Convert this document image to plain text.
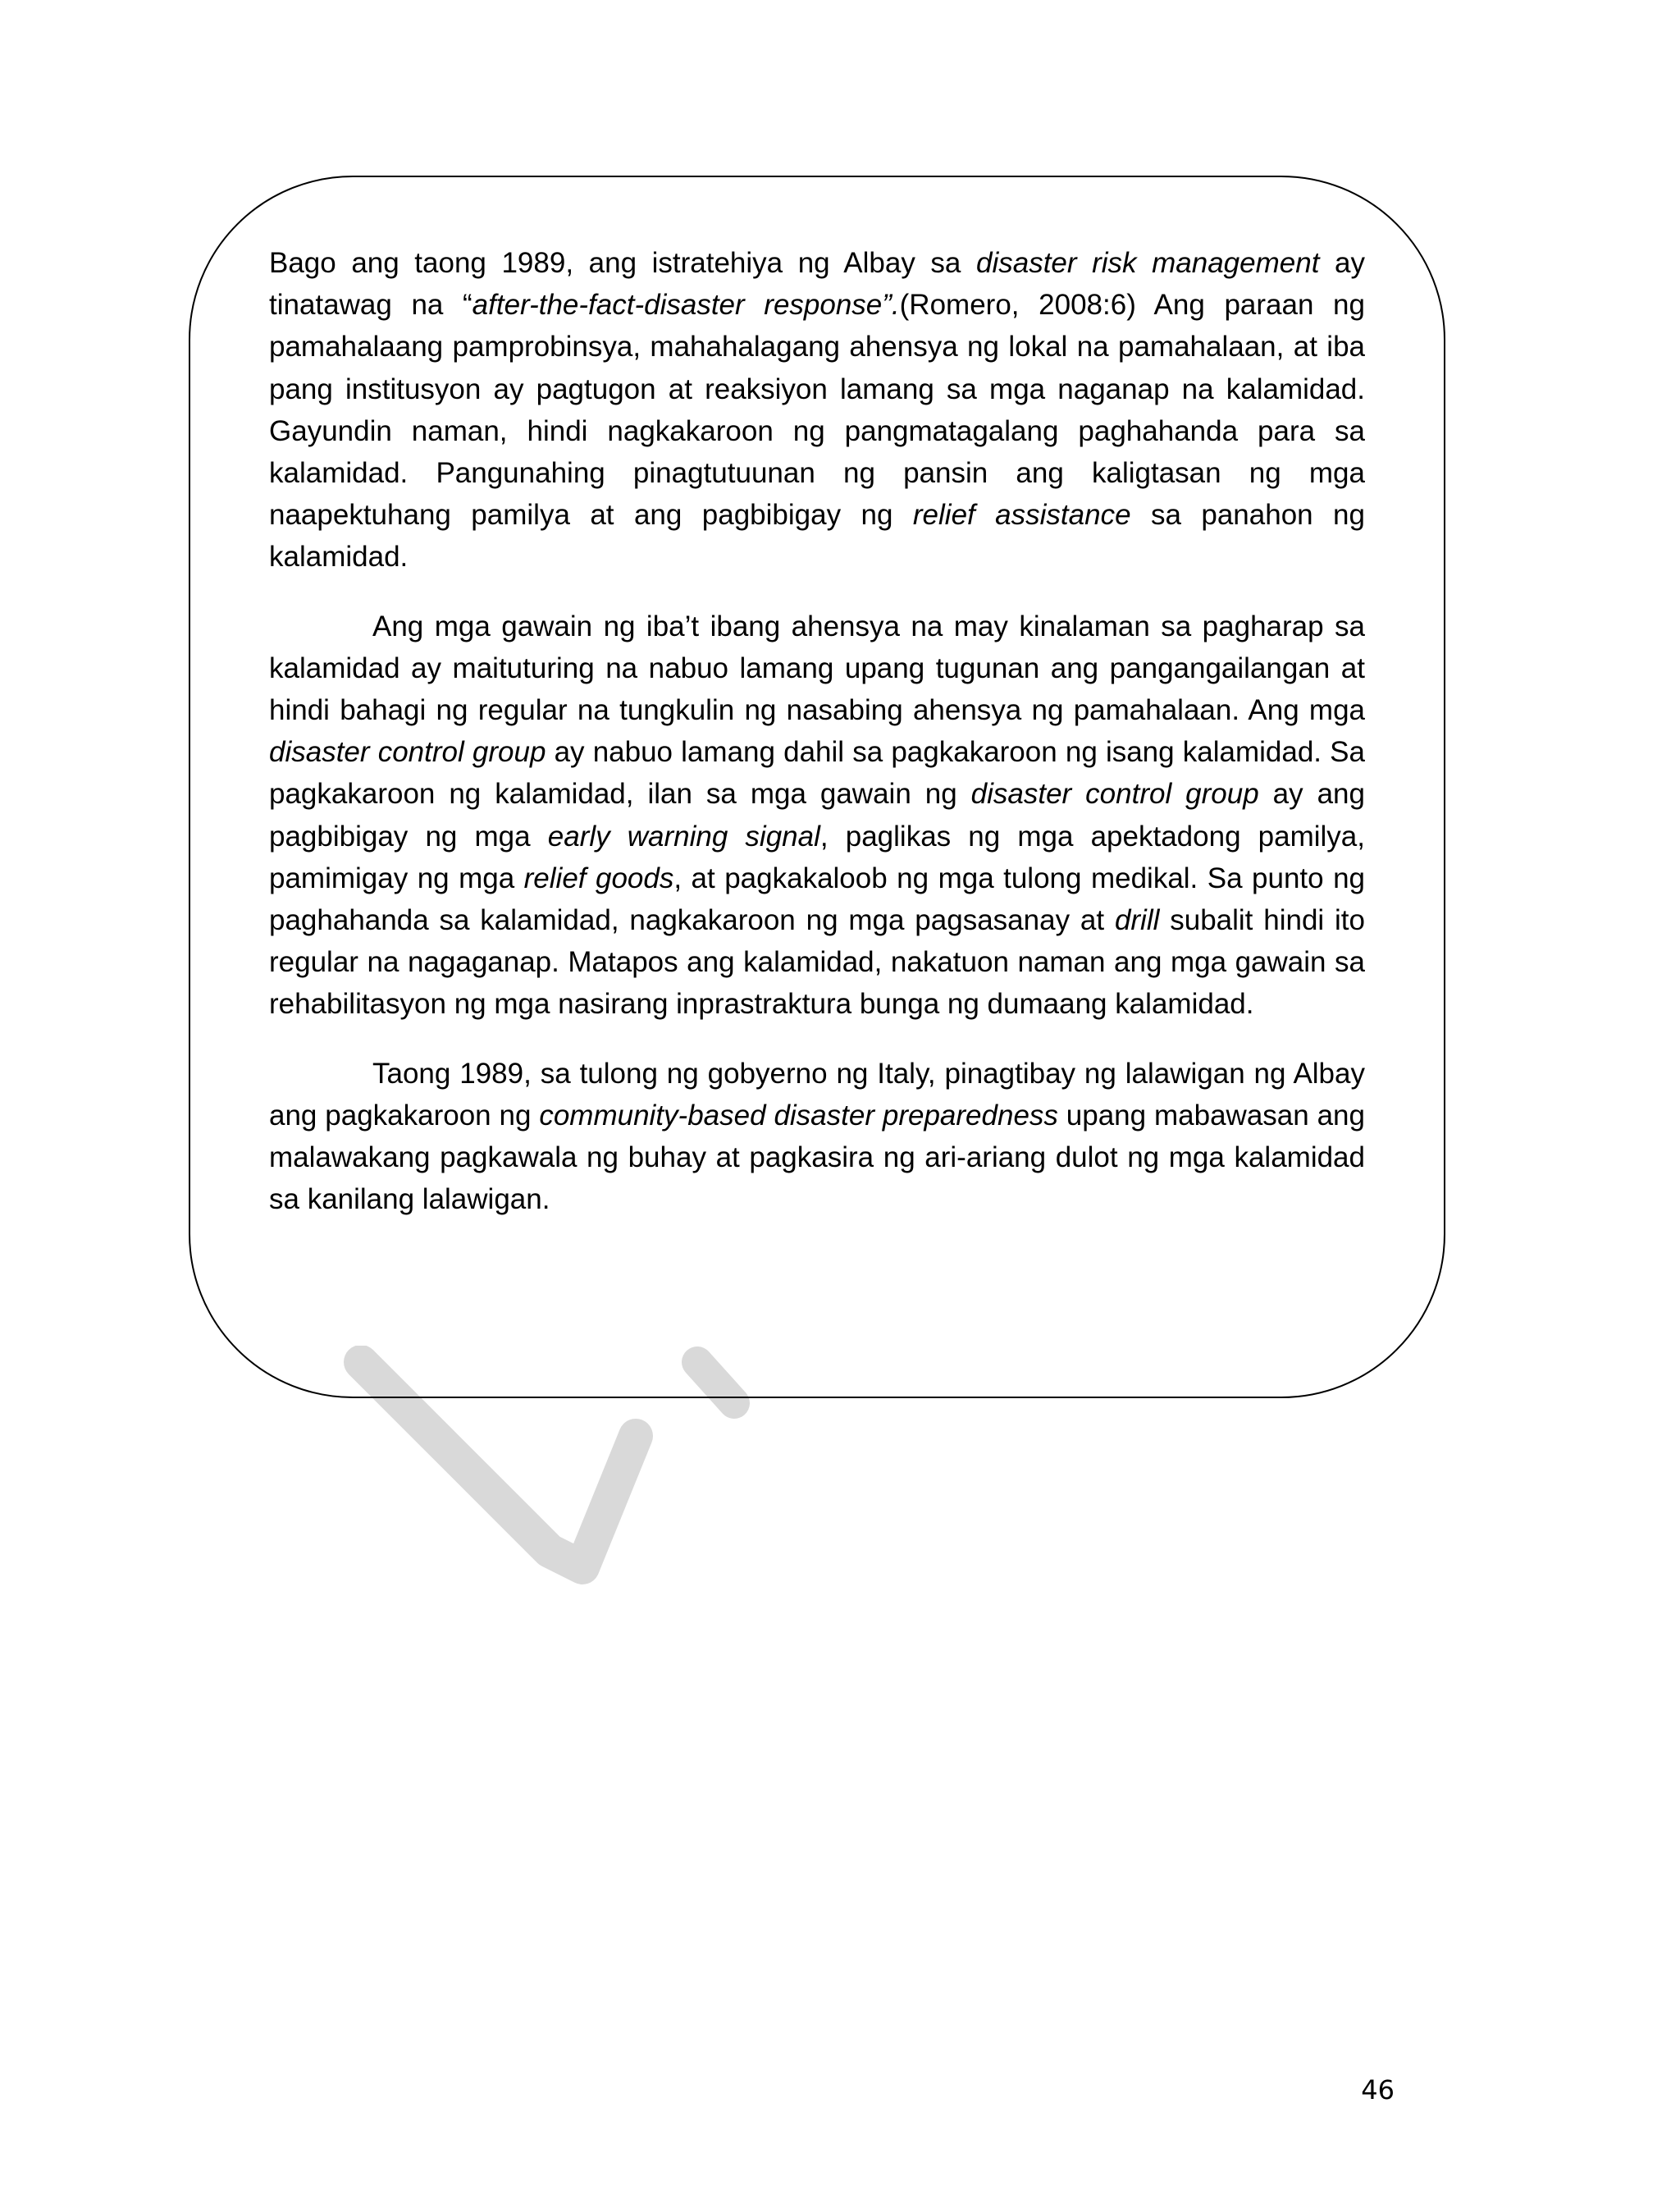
Bago ang taong 1989, ang istratehiya ng Albay sa disaster risk management ay tinatawag na “after-the-fact-disaster response”.(Romero, 2008:6) Ang paraan ng pamahalaang pamprobinsya, mahahalagang ahensya ng lokal na pamahalaan, at iba pang institusyon ay pagtugon at reaksiyon lamang sa mga naganap na kalamidad. Gayundin naman, hindi nagkakaroon ng pangmatagalang paghahanda para sa kalamidad. Pangunahing pinagtutuunan ng pansin ang kaligtasan ng mga naapektuhang pamilya at ang pagbibigay ng relief assistance sa panahon ng kalamidad.

Ang mga gawain ng iba’t ibang ahensya na may kinalaman sa pagharap sa kalamidad ay maituturing na nabuo lamang upang tugunan ang pangangailangan at hindi bahagi ng regular na tungkulin ng nasabing ahensya ng pamahalaan. Ang mga disaster control group ay nabuo lamang dahil sa pagkakaroon ng isang kalamidad. Sa pagkakaroon ng kalamidad, ilan sa mga gawain ng disaster control group ay ang pagbibigay ng mga early warning signal, paglikas ng mga apektadong pamilya, pamimigay ng mga relief goods, at pagkakaloob ng mga tulong medikal. Sa punto ng paghahanda sa kalamidad, nagkakaroon ng mga pagsasanay at drill subalit hindi ito regular na nagaganap. Matapos ang kalamidad, nakatuon naman ang mga gawain sa rehabilitasyon ng mga nasirang inprastraktura bunga ng dumaang kalamidad.

Taong 1989, sa tulong ng gobyerno ng Italy, pinagtibay ng lalawigan ng Albay ang pagkakaroon ng community-based disaster preparedness upang mabawasan ang malawakang pagkawala ng buhay at pagkasira ng ari-ariang dulot ng mga kalamidad sa kanilang lalawigan.

46
